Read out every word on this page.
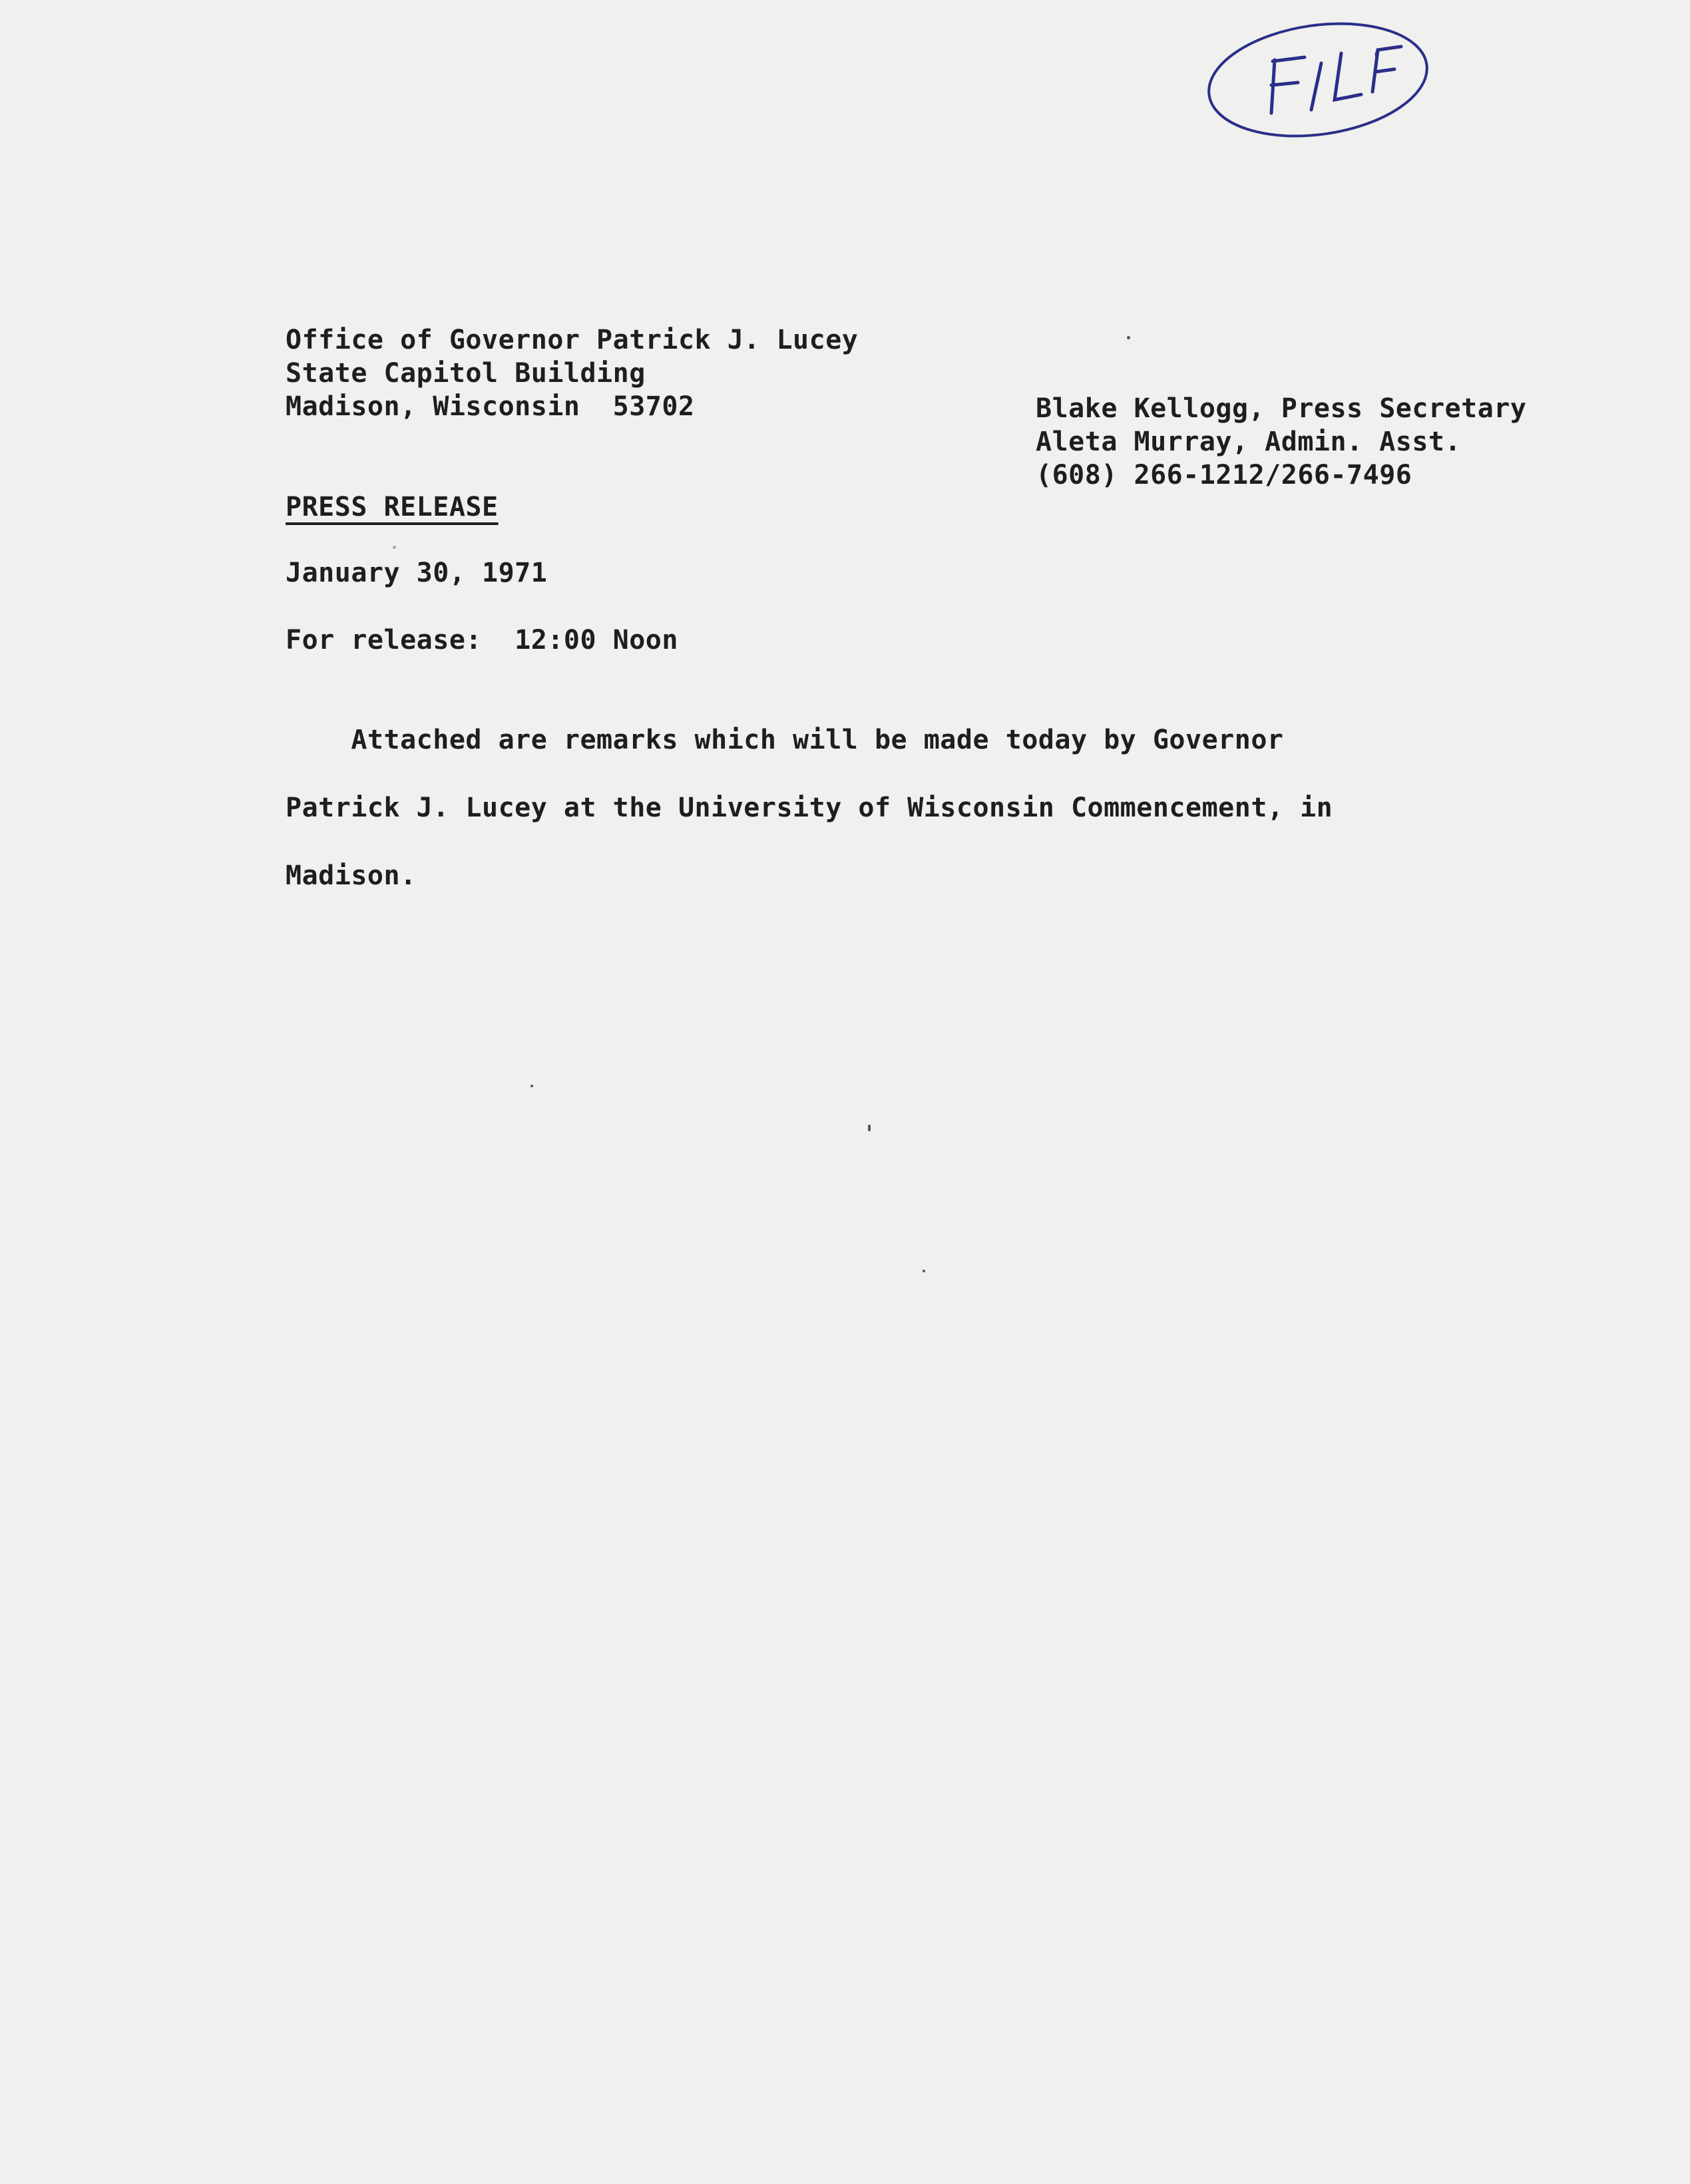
Office of Governor Patrick J. Lucey
State Capitol Building
Madison, Wisconsin  53702	Blake Kellogg, Press Secretary
Aleta Murray, Admin. Asst.
(608) 266-1212/266-7496
PRESS RELEASE
January 30, 1971
For release:  12:00 Noon
Attached are remarks which will be made today by Governor
Patrick J. Lucey at the University of Wisconsin Commencement, in
Madison.
